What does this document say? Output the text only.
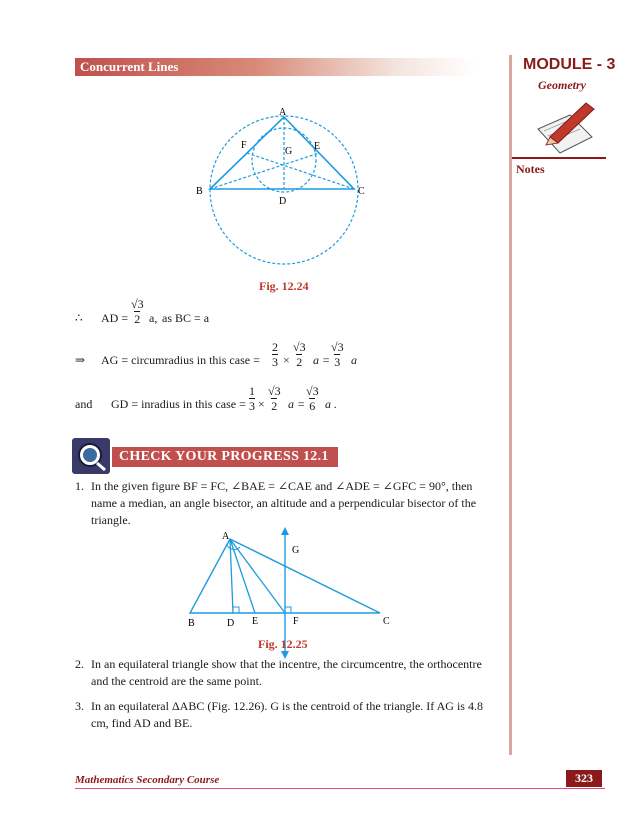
Concurrent Lines	MODULE - 3
Geometry
Notes
A
B	C
D
E
F
G
Fig. 12.24
∴ AD = $\frac{√3}{2} a$, as BC = a
⇒ AG = circumradius in this case = $\frac{2}{3} \times \frac{√3}{2}$ $a = \frac{√3}{3}$ a
and GD = inradius in this case = $\frac{1}{3} \times \frac{√3}{2}$ $a = \frac{√3}{6}$ a .
CHECK YOUR PROGRESS 12.1
1. In the given figure BF = FC, ∠BAE = ∠CAE and ∠ADE = ∠GFC = 90°, then name a median, an angle bisector, an altitude and a perpendicular bisector of the triangle.
A
B	D E	F	C
G
Fig. 12.25
2. In an equilateral triangle show that the incentre, the circumcentre, the orthocentre and the centroid are the same point.
3. In an equilateral ΔABC (Fig. 12.26). G is the centroid of the triangle. If AG is 4.8 cm, find AD and BE.
Mathematics Secondary Course	323
